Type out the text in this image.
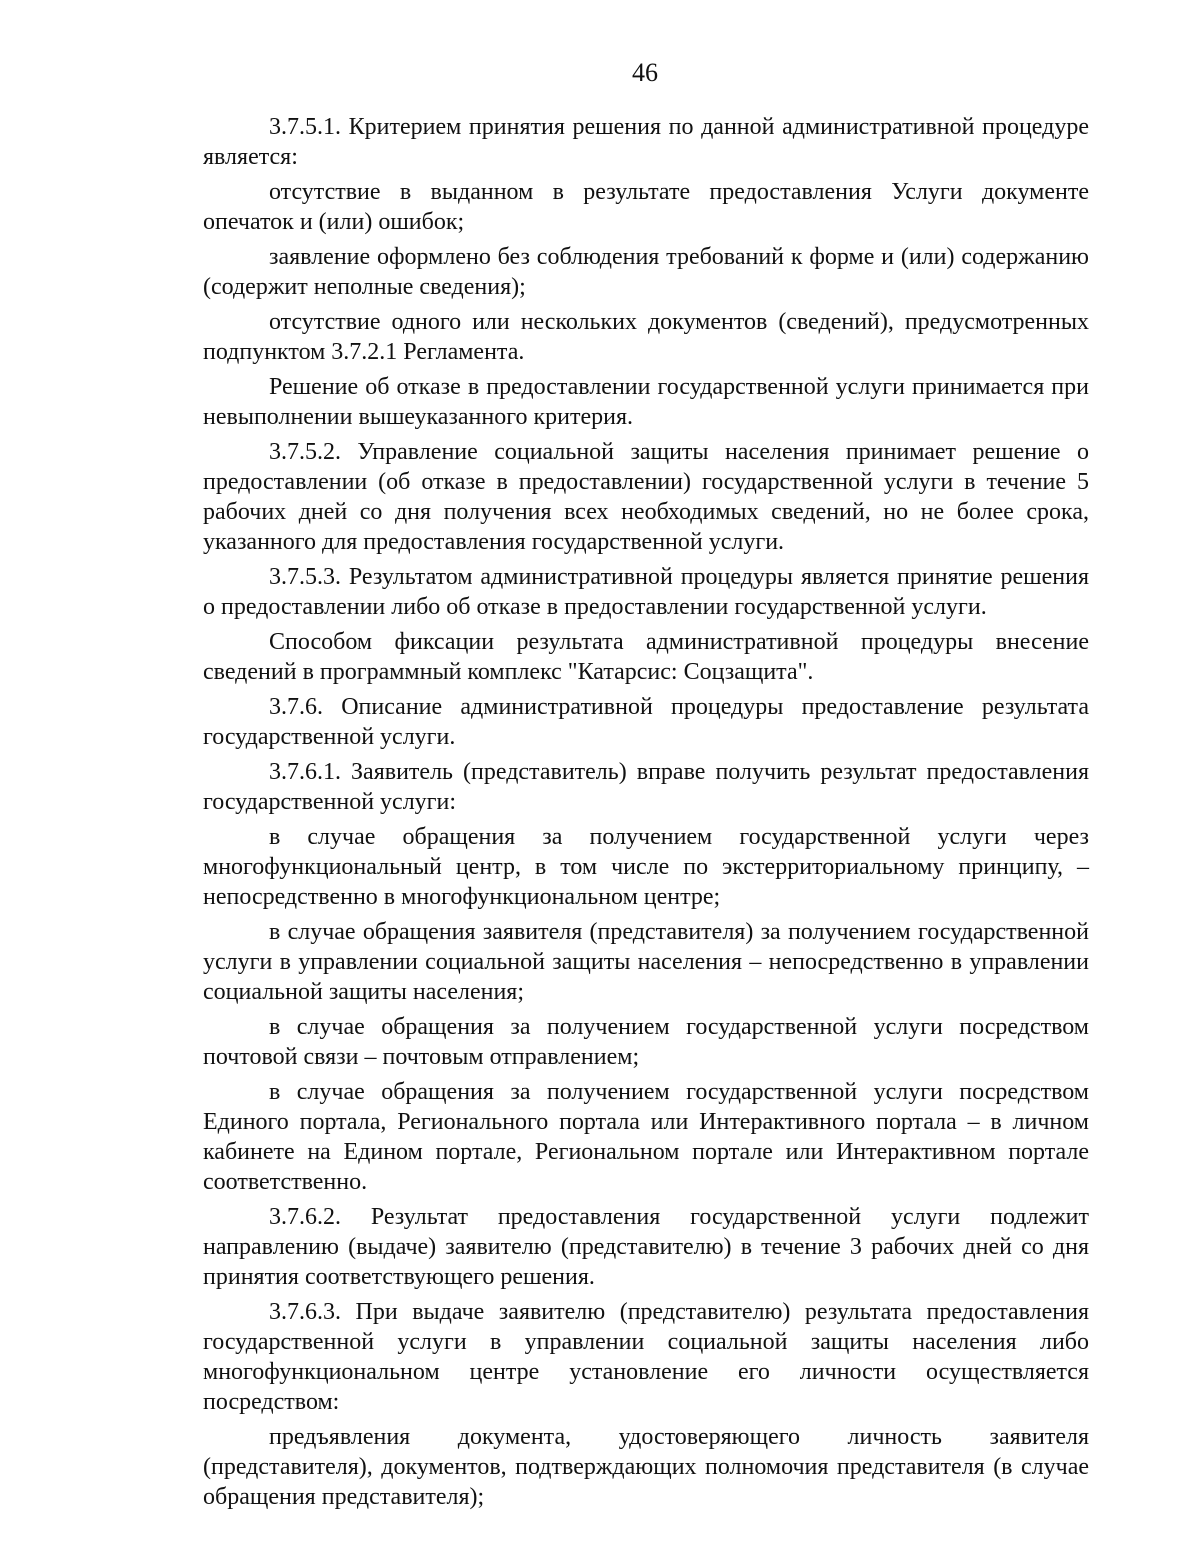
46

3.7.5.1. Критерием принятия решения по данной административной процедуре является:

отсутствие в выданном в результате предоставления Услуги документе опечаток и (или) ошибок;

заявление оформлено без соблюдения требований к форме и (или) содержанию (содержит неполные сведения);

отсутствие одного или нескольких документов (сведений), предусмотренных подпунктом 3.7.2.1 Регламента.

Решение об отказе в предоставлении государственной услуги принимается при невыполнении вышеуказанного критерия.

3.7.5.2. Управление социальной защиты населения принимает решение о предоставлении (об отказе в предоставлении) государственной услуги в течение 5 рабочих дней со дня получения всех необходимых сведений, но не более срока, указанного для предоставления государственной услуги.

3.7.5.3. Результатом административной процедуры является принятие решения о предоставлении либо об отказе в предоставлении государственной услуги.

Способом фиксации результата административной процедуры внесение сведений в программный комплекс "Катарсис: Соцзащита".

3.7.6. Описание административной процедуры предоставление результата государственной услуги.

3.7.6.1. Заявитель (представитель) вправе получить результат предоставления государственной услуги:

в случае обращения за получением государственной услуги через многофункциональный центр, в том числе по экстерриториальному принципу, – непосредственно в многофункциональном центре;

в случае обращения заявителя (представителя) за получением государственной услуги в управлении социальной защиты населения – непосредственно в управлении социальной защиты населения;

в случае обращения за получением государственной услуги посредством почтовой связи – почтовым отправлением;

в случае обращения за получением государственной услуги посредством Единого портала, Регионального портала или Интерактивного портала – в личном кабинете на Едином портале, Региональном портале или Интерактивном портале соответственно.

3.7.6.2. Результат предоставления государственной услуги подлежит направлению (выдаче) заявителю (представителю) в течение 3 рабочих дней со дня принятия соответствующего решения.

3.7.6.3. При выдаче заявителю (представителю) результата предоставления государственной услуги в управлении социальной защиты населения либо многофункциональном центре установление его личности осуществляется посредством:

предъявления документа, удостоверяющего личность заявителя (представителя), документов, подтверждающих полномочия представителя (в случае обращения представителя);
